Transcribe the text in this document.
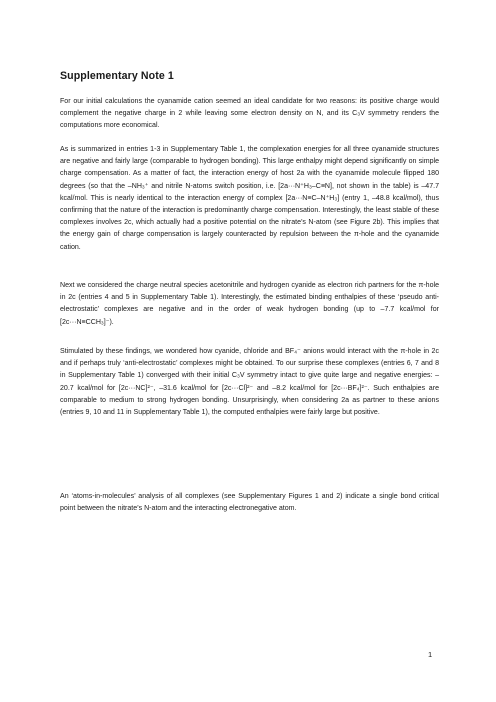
Supplementary Note 1

For our initial calculations the cyanamide cation seemed an ideal candidate for two reasons: its positive charge would complement the negative charge in 2 while leaving some electron density on N, and its C₃V symmetry renders the computations more economical.

As is summarized in entries 1-3 in Supplementary Table 1, the complexation energies for all three cyanamide structures are negative and fairly large (comparable to hydrogen bonding). This large enthalpy might depend significantly on simple charge compensation. As a matter of fact, the interaction energy of host 2a with the cyanamide molecule flipped 180 degrees (so that the –NH₃⁺ and nitrile N-atoms switch position, i.e. [2a···N⁺H₃–C≡N], not shown in the table) is –47.7 kcal/mol. This is nearly identical to the interaction energy of complex [2a···N≡C–N⁺H₃] (entry 1, –48.8 kcal/mol), thus confirming that the nature of the interaction is predominantly charge compensation. Interestingly, the least stable of these complexes involves 2c, which actually had a positive potential on the nitrate’s N-atom (see Figure 2b). This implies that the energy gain of charge compensation is largely counteracted by repulsion between the π-hole and the cyanamide cation.

Next we considered the charge neutral species acetonitrile and hydrogen cyanide as electron rich partners for the π-hole in 2c (entries 4 and 5 in Supplementary Table 1). Interestingly, the estimated binding enthalpies of these ‘pseudo anti-electrostatic’ complexes are negative and in the order of weak hydrogen bonding (up to –7.7 kcal/mol for [2c···N≡CCH₃]⁻).

Stimulated by these findings, we wondered how cyanide, chloride and BF₄⁻ anions would interact with the π-hole in 2c and if perhaps truly ‘anti-electrostatic’ complexes might be obtained. To our surprise these complexes (entries 6, 7 and 8 in Supplementary Table 1) converged with their initial C₃V symmetry intact to give quite large and negative energies: –20.7 kcal/mol for [2c···NC]²⁻, –31.6 kcal/mol for [2c···Cl]²⁻ and –8.2 kcal/mol for [2c···BF₄]²⁻. Such enthalpies are comparable to medium to strong hydrogen bonding. Unsurprisingly, when considering 2a as partner to these anions (entries 9, 10 and 11 in Supplementary Table 1), the computed enthalpies were fairly large but positive.

An ‘atoms-in-molecules’ analysis of all complexes (see Supplementary Figures 1 and 2) indicate a single bond critical point between the nitrate’s N-atom and the interacting electronegative atom.

1
